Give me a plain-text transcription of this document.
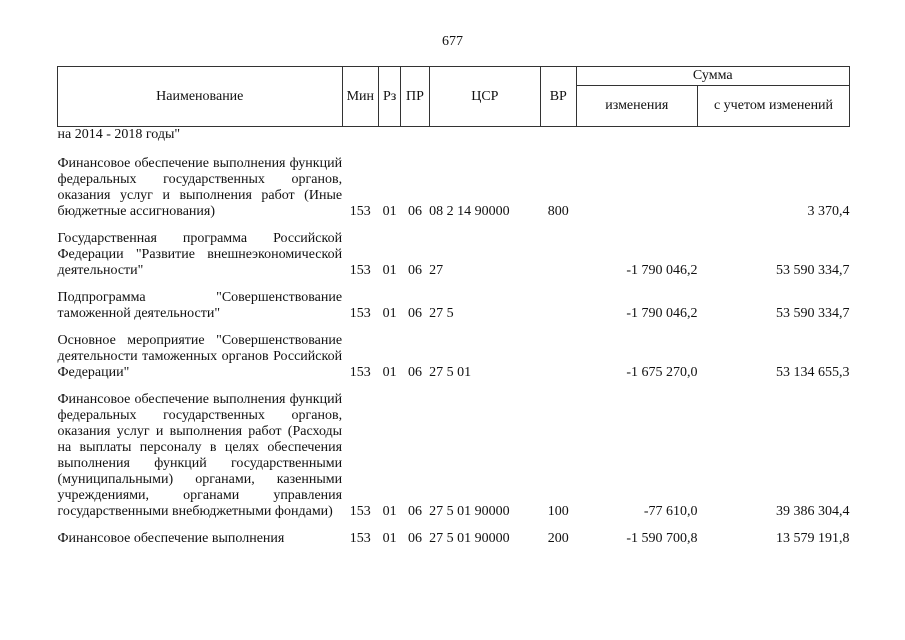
677
Наименование	Мин	Рз	ПР	ЦСР	ВР	Сумма	
						изменения	с учетом изменений
на 2014 - 2018 годы"							

Финансовое обеспечение выполнения функций федеральных государственных органов, оказания услуг и выполнения работ (Иные бюджетные ассигнования)	153	01	06	08 2 14 90000	800		3 370,4

Государственная программа Российской Федерации "Развитие внешнеэкономической деятельности"	153	01	06	27		-1 790 046,2	53 590 334,7

Подпрограмма "Совершенствование таможенной деятельности"	153	01	06	27 5		-1 790 046,2	53 590 334,7

Основное мероприятие "Совершенствование деятельности таможенных органов Российской Федерации"	153	01	06	27 5 01		-1 675 270,0	53 134 655,3

Финансовое обеспечение выполнения функций федеральных государственных органов, оказания услуг и выполнения работ (Расходы на выплаты персоналу в целях обеспечения выполнения функций государственными (муниципальными) органами, казенными учреждениями, органами управления государственными внебюджетными фондами)	153	01	06	27 5 01 90000	100	-77 610,0	39 386 304,4

Финансовое обеспечение выполнения	153	01	06	27 5 01 90000	200	-1 590 700,8	13 579 191,8
